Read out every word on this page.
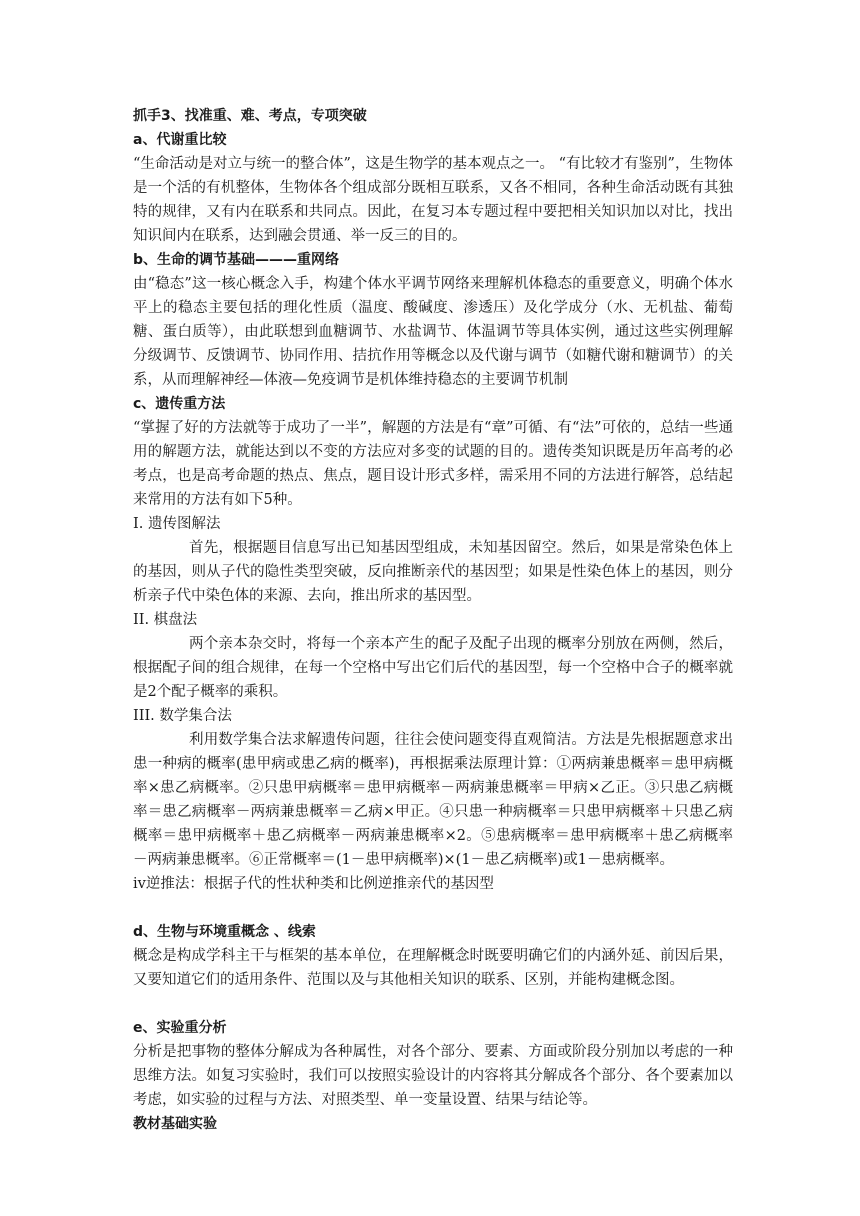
抓手3、找准重、难、考点，专项突破

a、代谢重比较

“生命活动是对立与统一的整合体”，这是生物学的基本观点之一。 “有比较才有鉴别”，生物体是一个活的有机整体，生物体各个组成部分既相互联系，又各不相同，各种生命活动既有其独特的规律，又有内在联系和共同点。因此，在复习本专题过程中要把相关知识加以对比，找出知识间内在联系，达到融会贯通、举一反三的目的。

b、生命的调节基础———重网络

由“稳态”这一核心概念入手，构建个体水平调节网络来理解机体稳态的重要意义，明确个体水平上的稳态主要包括的理化性质（温度、酸碱度、渗透压）及化学成分（水、无机盐、葡萄糖、蛋白质等），由此联想到血糖调节、水盐调节、体温调节等具体实例，通过这些实例理解分级调节、反馈调节、协同作用、拮抗作用等概念以及代谢与调节（如糖代谢和糖调节）的关系，从而理解神经—体液—免疫调节是机体维持稳态的主要调节机制

c、遗传重方法

“掌握了好的方法就等于成功了一半”，解题的方法是有“章”可循、有“法”可依的，总结一些通用的解题方法，就能达到以不变的方法应对多变的试题的目的。遗传类知识既是历年高考的必考点，也是高考命题的热点、焦点，题目设计形式多样，需采用不同的方法进行解答，总结起来常用的方法有如下5种。

I. 遗传图解法

首先，根据题目信息写出已知基因型组成，未知基因留空。然后，如果是常染色体上的基因，则从子代的隐性类型突破，反向推断亲代的基因型；如果是性染色体上的基因，则分析亲子代中染色体的来源、去向，推出所求的基因型。

II. 棋盘法

两个亲本杂交时，将每一个亲本产生的配子及配子出现的概率分别放在两侧，然后，根据配子间的组合规律，在每一个空格中写出它们后代的基因型，每一个空格中合子的概率就是2个配子概率的乘积。

III. 数学集合法

利用数学集合法求解遗传问题，往往会使问题变得直观简洁。方法是先根据题意求出患一种病的概率(患甲病或患乙病的概率)，再根据乘法原理计算：①两病兼患概率＝患甲病概率×患乙病概率。②只患甲病概率＝患甲病概率－两病兼患概率＝甲病×乙正。③只患乙病概率＝患乙病概率－两病兼患概率＝乙病×甲正。④只患一种病概率＝只患甲病概率＋只患乙病概率＝患甲病概率＋患乙病概率－两病兼患概率×2。⑤患病概率＝患甲病概率＋患乙病概率－两病兼患概率。⑥正常概率＝(1－患甲病概率)×(1－患乙病概率)或1－患病概率。

ⅳ逆推法：根据子代的性状种类和比例逆推亲代的基因型

d、生物与环境重概念 、线索

概念是构成学科主干与框架的基本单位，在理解概念时既要明确它们的内涵外延、前因后果，又要知道它们的适用条件、范围以及与其他相关知识的联系、区别，并能构建概念图。

e、实验重分析

分析是把事物的整体分解成为各种属性，对各个部分、要素、方面或阶段分别加以考虑的一种思维方法。如复习实验时，我们可以按照实验设计的内容将其分解成各个部分、各个要素加以考虑，如实验的过程与方法、对照类型、单一变量设置、结果与结论等。

教材基础实验
